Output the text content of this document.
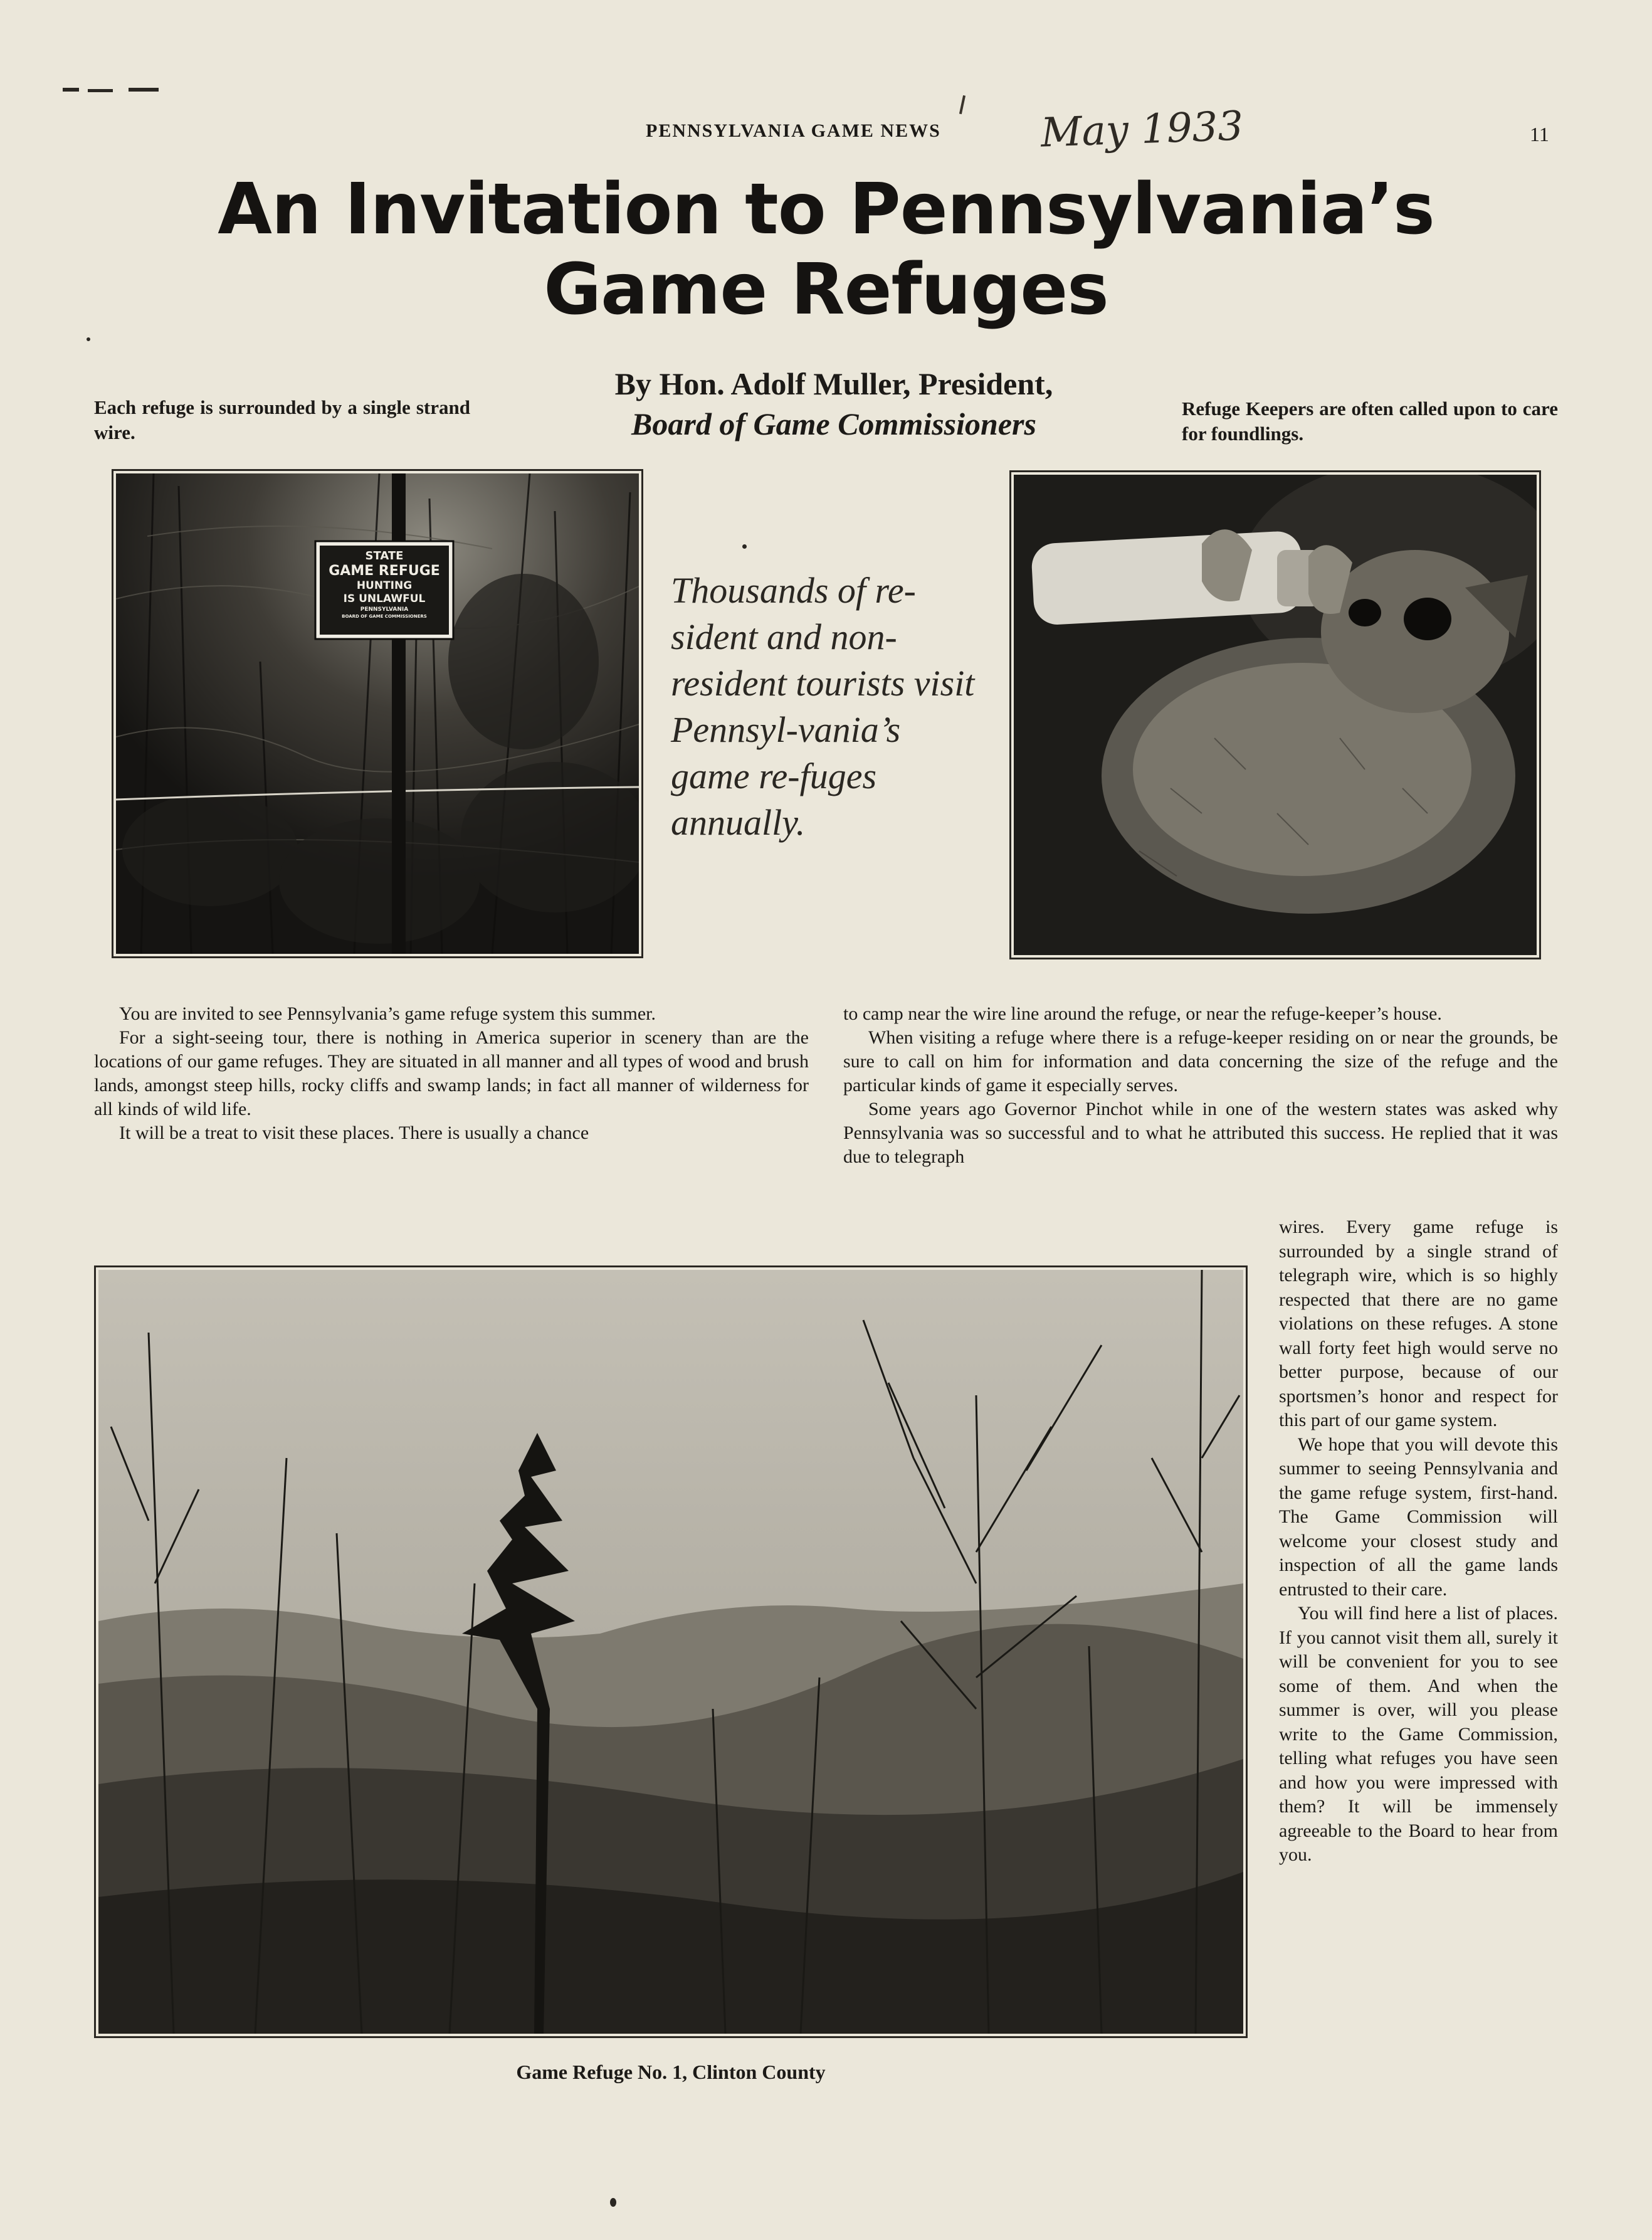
PENNSYLVANIA GAME NEWS	May 1933	11
An Invitation to Pennsylvania’s
Game Refuges
By Hon. Adolf Muller, President,
Board of Game Commissioners
Each refuge is surrounded by a single strand wire.
Refuge Keepers are often called upon to care for foundlings.
STATE
GAME REFUGE
HUNTING
IS UNLAWFUL
PENNSYLVANIA
BOARD OF GAME COMMISSIONERS
Thousands of re-sident and non-resident tourists visit Pennsyl-vania’s game re-fuges annually.

You are invited to see Pennsylvania’s game refuge system this summer.

For a sight-seeing tour, there is nothing in America superior in scenery than are the locations of our game refuges. They are situated in all manner and all types of wood and brush lands, amongst steep hills, rocky cliffs and swamp lands; in fact all manner of wilderness for all kinds of wild life.

It will be a treat to visit these places. There is usually a chance

to camp near the wire line around the refuge, or near the refuge-keeper’s house.

When visiting a refuge where there is a refuge-keeper residing on or near the grounds, be sure to call on him for information and data concerning the size of the refuge and the particular kinds of game it especially serves.

Some years ago Governor Pinchot while in one of the western states was asked why Pennsylvania was so successful and to what he attributed this success. He replied that it was due to telegraph

Game Refuge No. 1, Clinton County

wires. Every game refuge is surrounded by a single strand of telegraph wire, which is so highly respected that there are no game violations on these refuges. A stone wall forty feet high would serve no better purpose, because of our sportsmen’s honor and respect for this part of our game system.

We hope that you will devote this summer to seeing Pennsylvania and the game refuge system, first-hand. The Game Commission will welcome your closest study and inspection of all the game lands entrusted to their care.

You will find here a list of places. If you cannot visit them all, surely it will be convenient for you to see some of them. And when the summer is over, will you please write to the Game Commission, telling what refuges you have seen and how you were impressed with them? It will be immensely agreeable to the Board to hear from you.
